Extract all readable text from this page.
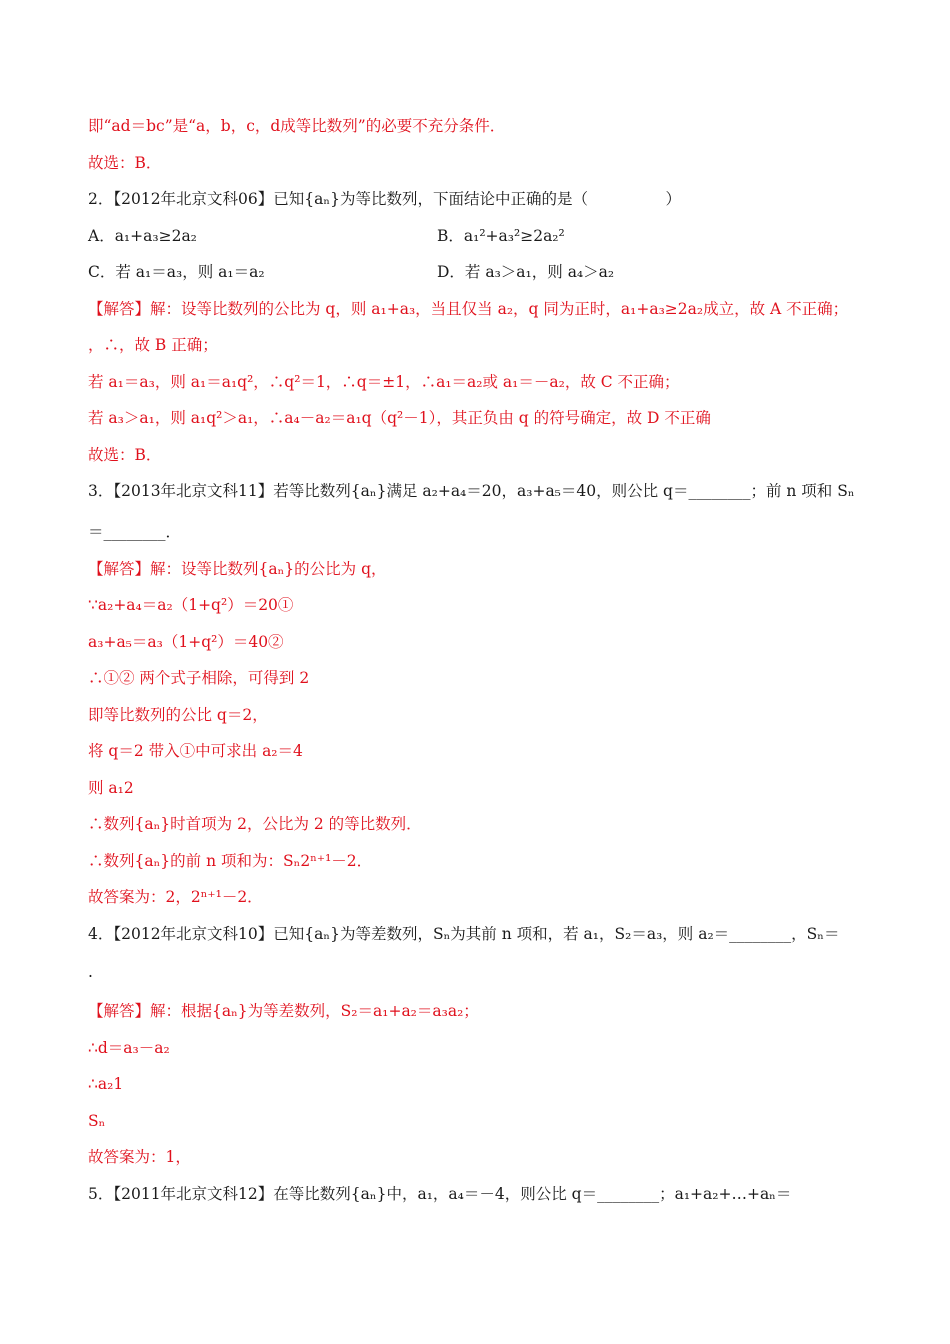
即“ad＝bc”是“a，b，c，d成等比数列”的必要不充分条件．
故选：B．
2．【2012年北京文科06】已知{aₙ}为等比数列，下面结论中正确的是（　　　　　）
A．a₁+a₃≥2a₂	B．a₁²+a₃²≥2a₂²
C．若 a₁＝a₃，则 a₁＝a₂	D．若 a₃＞a₁，则 a₄＞a₂
【解答】解：设等比数列的公比为 q，则 a₁+a₃，当且仅当 a₂，q 同为正时，a₁+a₃≥2a₂成立，故 A 不正确；
，∴，故 B 正确；
若 a₁＝a₃，则 a₁＝a₁q²，∴q²＝1，∴q＝±1，∴a₁＝a₂或 a₁＝－a₂，故 C 不正确；
若 a₃＞a₁，则 a₁q²＞a₁，∴a₄－a₂＝a₁q（q²－1），其正负由 q 的符号确定，故 D 不正确
故选：B．
3．【2013年北京文科11】若等比数列{aₙ}满足 a₂+a₄＝20，a₃+a₅＝40，则公比 q＝________；前 n 项和 Sₙ
＝________．
【解答】解：设等比数列{aₙ}的公比为 q，
∵a₂+a₄＝a₂（1+q²）＝20①
a₃+a₅＝a₃（1+q²）＝40②
∴①② 两个式子相除，可得到 2
即等比数列的公比 q＝2，
将 q＝2 带入①中可求出 a₂＝4
则 a₁2
∴数列{aₙ}时首项为 2，公比为 2 的等比数列．
∴数列{aₙ}的前 n 项和为：Sₙ2ⁿ⁺¹－2．
故答案为：2，2ⁿ⁺¹－2．
4．【2012年北京文科10】已知{aₙ}为等差数列，Sₙ为其前 n 项和，若 a₁，S₂＝a₃，则 a₂＝________，Sₙ＝
.
【解答】解：根据{aₙ}为等差数列，S₂＝a₁+a₂＝a₃a₂；
∴d＝a₃－a₂
∴a₂1
Sₙ
故答案为：1，
5．【2011年北京文科12】在等比数列{aₙ}中，a₁，a₄＝－4，则公比 q＝________；a₁+a₂+…+aₙ＝
